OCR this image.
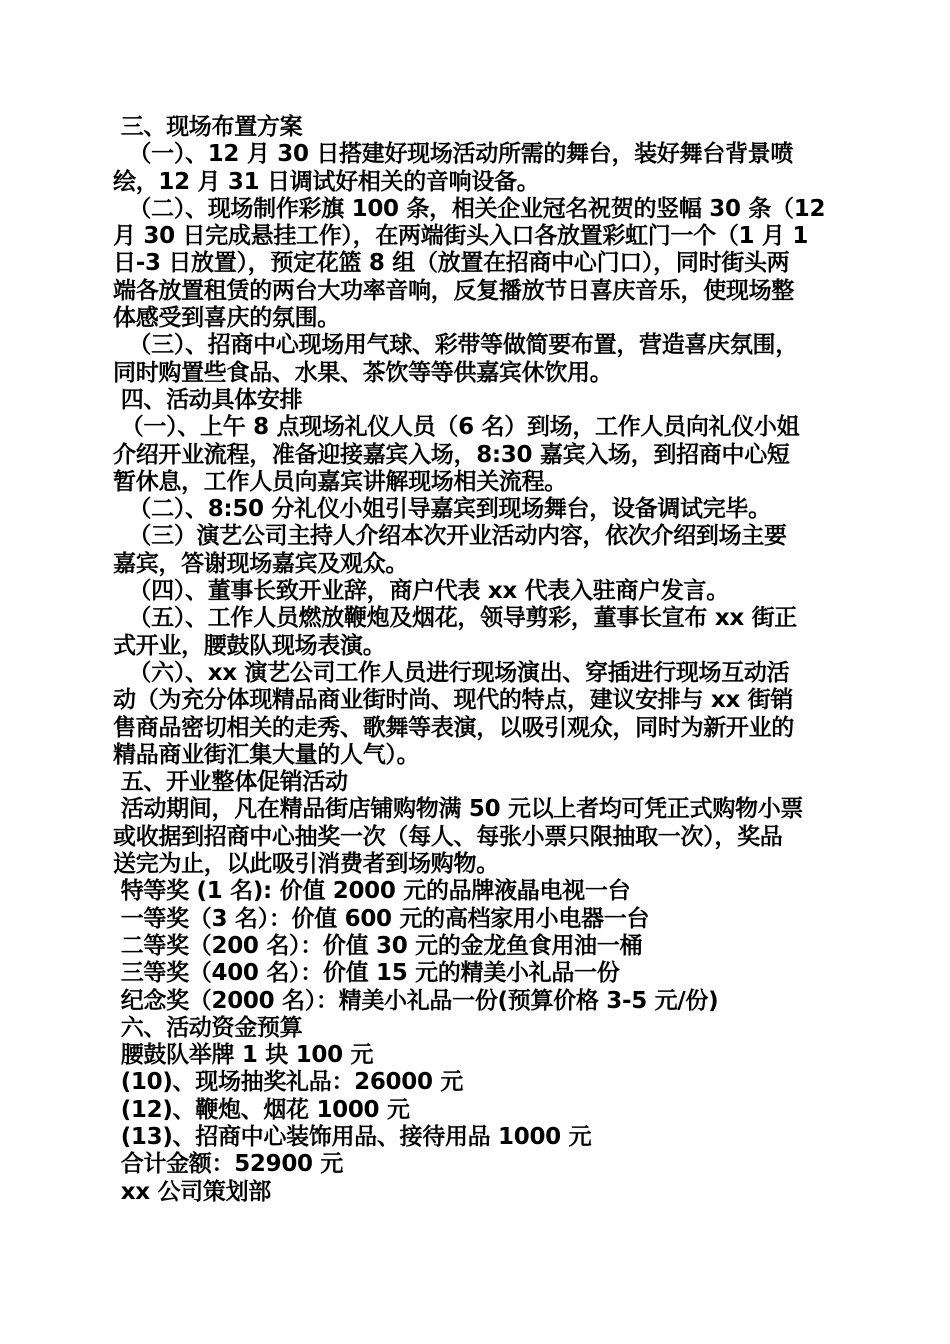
三、现场布置方案

（一）、12 月 30 日搭建好现场活动所需的舞台，装好舞台背景喷

绘，12 月 31 日调试好相关的音响设备。

（二）、现场制作彩旗 100 条，相关企业冠名祝贺的竖幅 30 条（12

月 30 日完成悬挂工作），在两端街头入口各放置彩虹门一个（1 月 1

日-3 日放置），预定花篮 8 组（放置在招商中心门口），同时街头两

端各放置租赁的两台大功率音响，反复播放节日喜庆音乐，使现场整

体感受到喜庆的氛围。

（三）、招商中心现场用气球、彩带等做简要布置，营造喜庆氛围，

同时购置些食品、水果、茶饮等等供嘉宾休饮用。

四、活动具体安排

（一）、上午 8 点现场礼仪人员（6 名）到场，工作人员向礼仪小姐

介绍开业流程，准备迎接嘉宾入场，8:30 嘉宾入场，到招商中心短

暂休息，工作人员向嘉宾讲解现场相关流程。

（二）、8:50 分礼仪小姐引导嘉宾到现场舞台，设备调试完毕。

（三）演艺公司主持人介绍本次开业活动内容，依次介绍到场主要

嘉宾，答谢现场嘉宾及观众。

（四）、董事长致开业辞，商户代表 xx 代表入驻商户发言。

（五）、工作人员燃放鞭炮及烟花，领导剪彩，董事长宣布 xx 街正

式开业，腰鼓队现场表演。

（六）、xx 演艺公司工作人员进行现场演出、穿插进行现场互动活

动（为充分体现精品商业街时尚、现代的特点，建议安排与 xx 街销

售商品密切相关的走秀、歌舞等表演，以吸引观众，同时为新开业的

精品商业街汇集大量的人气）。

五、开业整体促销活动

活动期间，凡在精品街店铺购物满 50 元以上者均可凭正式购物小票

或收据到招商中心抽奖一次（每人、每张小票只限抽取一次），奖品

送完为止，以此吸引消费者到场购物。

特等奖 (1 名): 价值 2000 元的品牌液晶电视一台

一等奖（3 名）：价值 600 元的高档家用小电器一台

二等奖（200 名）：价值 30 元的金龙鱼食用油一桶

三等奖（400 名）：价值 15 元的精美小礼品一份

纪念奖（2000 名）：精美小礼品一份(预算价格 3-5 元/份)

六、活动资金预算

腰鼓队举牌 1 块 100 元

(10)、现场抽奖礼品：26000 元

(12)、鞭炮、烟花 1000 元

(13)、招商中心装饰用品、接待用品 1000 元

合计金额：52900 元

xx 公司策划部
